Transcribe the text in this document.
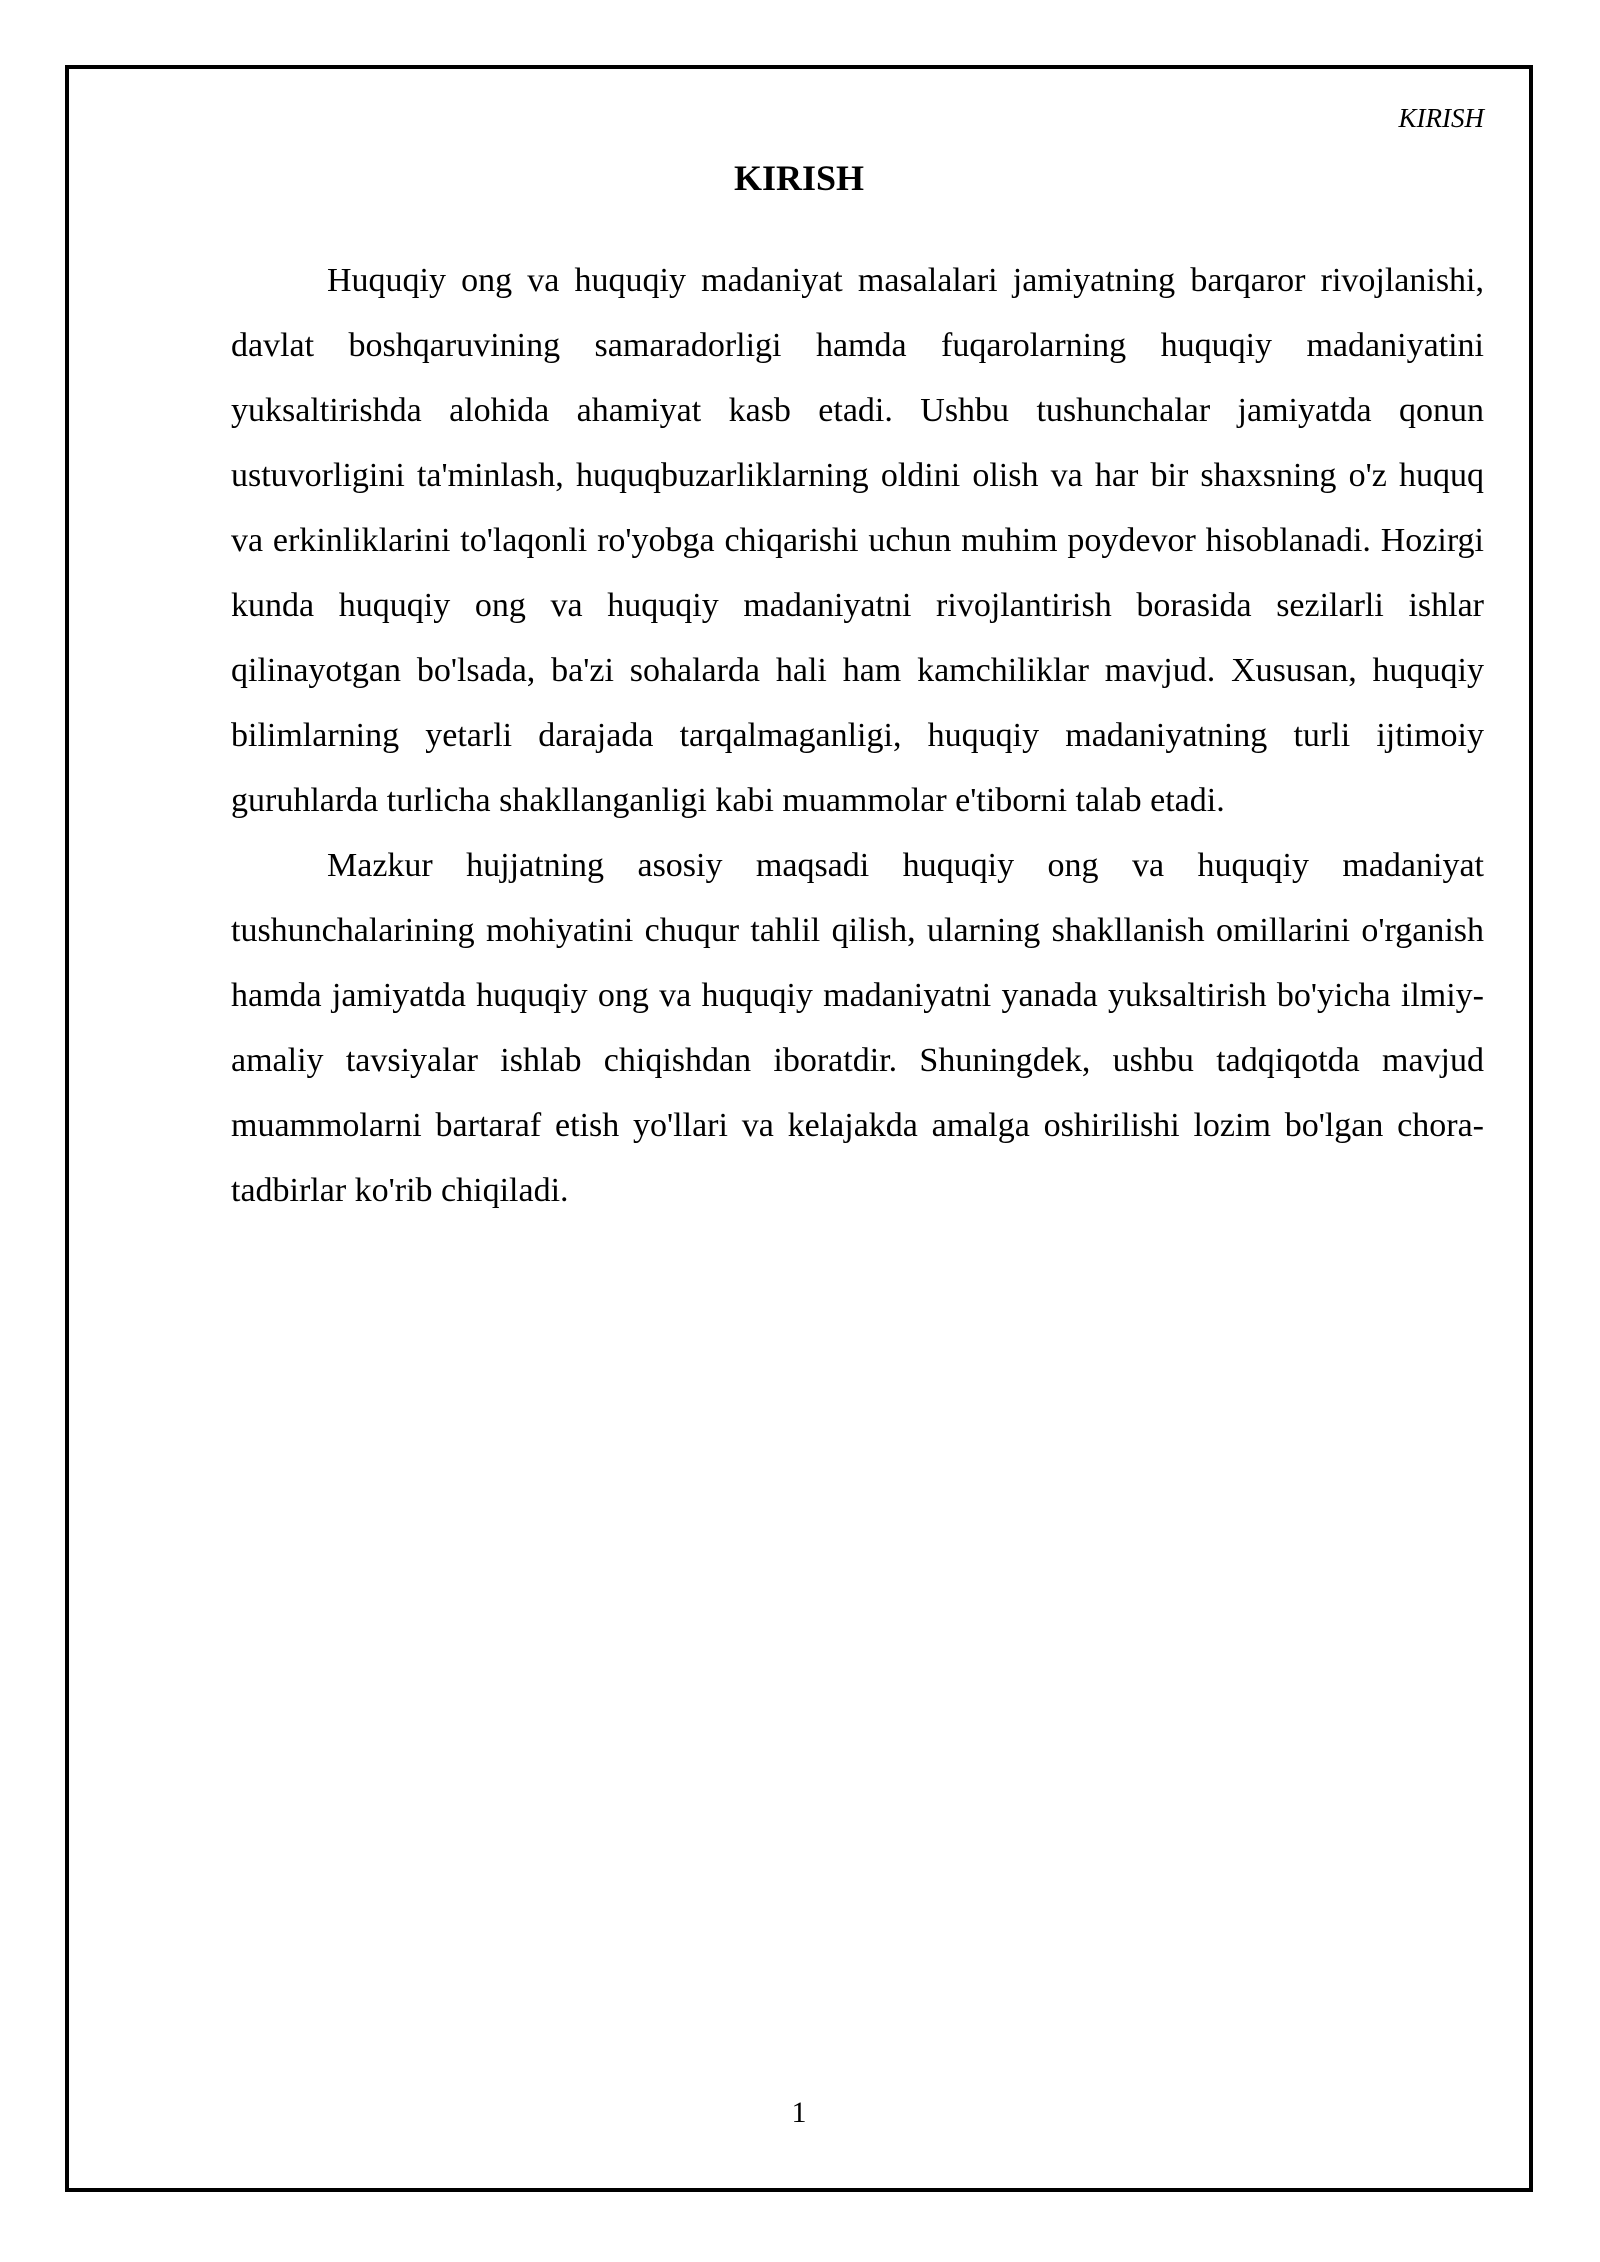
KIRISH
KIRISH

Huquqiy ong va huquqiy madaniyat masalalari jamiyatning barqaror rivojlanishi, davlat boshqaruvining samaradorligi hamda fuqarolarning huquqiy madaniyatini yuksaltirishda alohida ahamiyat kasb etadi. Ushbu tushunchalar jamiyatda qonun ustuvorligini ta'minlash, huquqbuzarliklarning oldini olish va har bir shaxsning o'z huquq va erkinliklarini to'laqonli ro'yobga chiqarishi uchun muhim poydevor hisoblanadi. Hozirgi kunda huquqiy ong va huquqiy madaniyatni rivojlantirish borasida sezilarli ishlar qilinayotgan bo'lsada, ba'zi sohalarda hali ham kamchiliklar mavjud. Xususan, huquqiy bilimlarning yetarli darajada tarqalmaganligi, huquqiy madaniyatning turli ijtimoiy guruhlarda turlicha shakllanganligi kabi muammolar e'tiborni talab etadi.

Mazkur hujjatning asosiy maqsadi huquqiy ong va huquqiy madaniyat tushunchalarining mohiyatini chuqur tahlil qilish, ularning shakllanish omillarini o'rganish hamda jamiyatda huquqiy ong va huquqiy madaniyatni yanada yuksaltirish bo'yicha ilmiy-amaliy tavsiyalar ishlab chiqishdan iboratdir. Shuningdek, ushbu tadqiqotda mavjud muammolarni bartaraf etish yo'llari va kelajakda amalga oshirilishi lozim bo'lgan chora-tadbirlar ko'rib chiqiladi.

1
